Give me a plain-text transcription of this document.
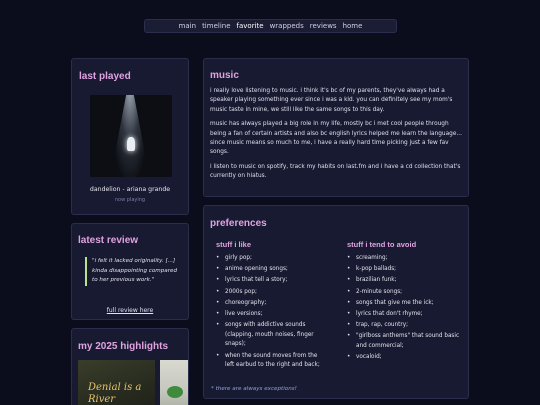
main timeline favorite wrappeds reviews home
last played
dandelion - ariana grande
now playing
latest review
"i felt it lacked originality. [...] kinda disappointing compared to her previous work."
full review here
my 2025 highlights
Denial is a River
music

i really love listening to music. i think it's bc of my parents, they've always had a speaker playing something ever since i was a kid. you can definitely see my mom's music taste in mine, we still like the same songs to this day.

music has always played a big role in my life, mostly bc i met cool people through being a fan of certain artists and also bc english lyrics helped me learn the language... since music means so much to me, i have a really hard time picking just a few fav songs.

i listen to music on spotify, track my habits on last.fm and i have a cd collection that's currently on hiatus.

preferences
stuff i like
• girly pop;
• anime opening songs;
• lyrics that tell a story;
• 2000s pop;
• choreography;
• live versions;
• songs with addictive sounds (clapping, mouth noises, finger snaps);
• when the sound moves from the left earbud to the right and back;
stuff i tend to avoid
• screaming;
• k-pop ballads;
• brazilian funk;
• 2-minute songs;
• songs that give me the ick;
• lyrics that don't rhyme;
• trap, rap, country;
• "girlboss anthems" that sound basic and commercial;
• vocaloid;
* there are always exceptions!
